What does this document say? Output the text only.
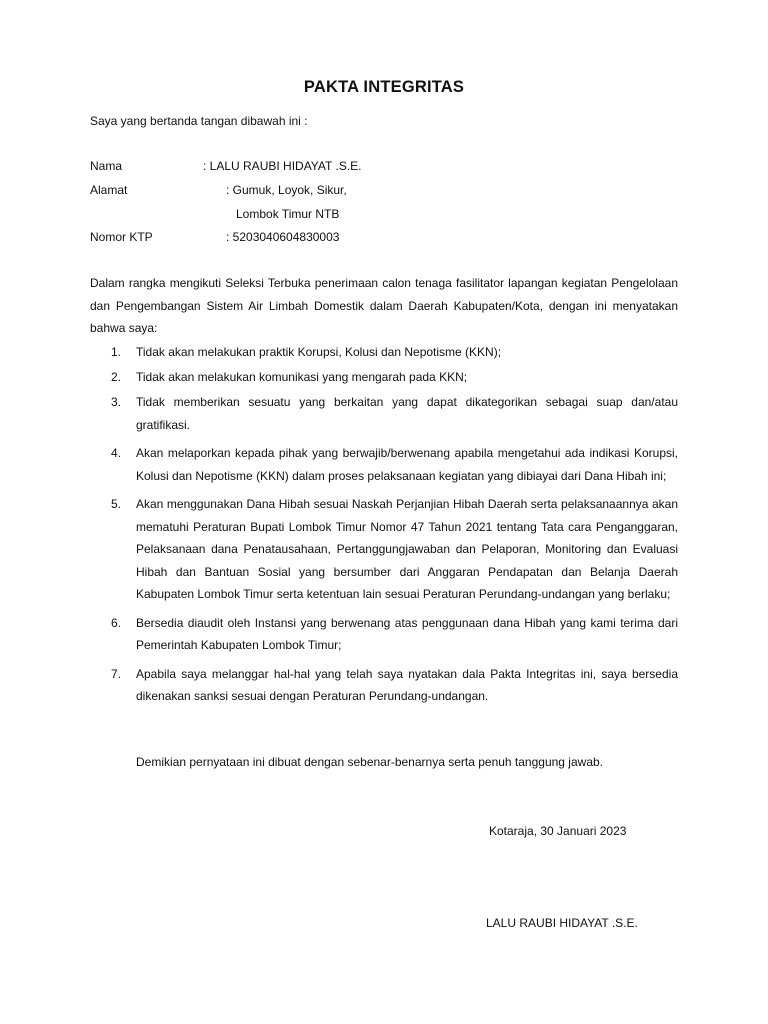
PAKTA INTEGRITAS
Saya yang bertanda tangan dibawah ini :
Nama	: LALU RAUBI HIDAYAT .S.E.
Alamat	: Gumuk, Loyok, Sikur,
Lombok Timur NTB
Nomor KTP	: 5203040604830003
Dalam rangka mengikuti Seleksi Terbuka penerimaan calon tenaga fasilitator lapangan kegiatan Pengelolaan dan Pengembangan Sistem Air Limbah Domestik dalam Daerah Kabupaten/Kota, dengan ini menyatakan bahwa saya:
1. Tidak akan melakukan praktik Korupsi, Kolusi dan Nepotisme (KKN);
2. Tidak akan melakukan komunikasi yang mengarah pada KKN;
3. Tidak memberikan sesuatu yang berkaitan yang dapat dikategorikan sebagai suap dan/atau gratifikasi.
4. Akan melaporkan kepada pihak yang berwajib/berwenang apabila mengetahui ada indikasi Korupsi, Kolusi dan Nepotisme (KKN) dalam proses pelaksanaan kegiatan yang dibiayai dari Dana Hibah ini;
5. Akan menggunakan Dana Hibah sesuai Naskah Perjanjian Hibah Daerah serta pelaksanaannya akan mematuhi Peraturan Bupati Lombok Timur Nomor 47 Tahun 2021 tentang Tata cara Penganggaran, Pelaksanaan dana Penatausahaan, Pertanggungjawaban dan Pelaporan, Monitoring dan Evaluasi Hibah dan Bantuan Sosial yang bersumber dari Anggaran Pendapatan dan Belanja Daerah Kabupaten Lombok Timur serta ketentuan lain sesuai Peraturan Perundang-undangan yang berlaku;
6. Bersedia diaudit oleh Instansi yang berwenang atas penggunaan dana Hibah yang kami terima dari Pemerintah Kabupaten Lombok Timur;
7. Apabila saya melanggar hal-hal yang telah saya nyatakan dala Pakta Integritas ini, saya bersedia dikenakan sanksi sesuai dengan Peraturan Perundang-undangan.
Demikian pernyataan ini dibuat dengan sebenar-benarnya serta penuh tanggung jawab.
Kotaraja, 30 Januari 2023
LALU RAUBI HIDAYAT .S.E.
